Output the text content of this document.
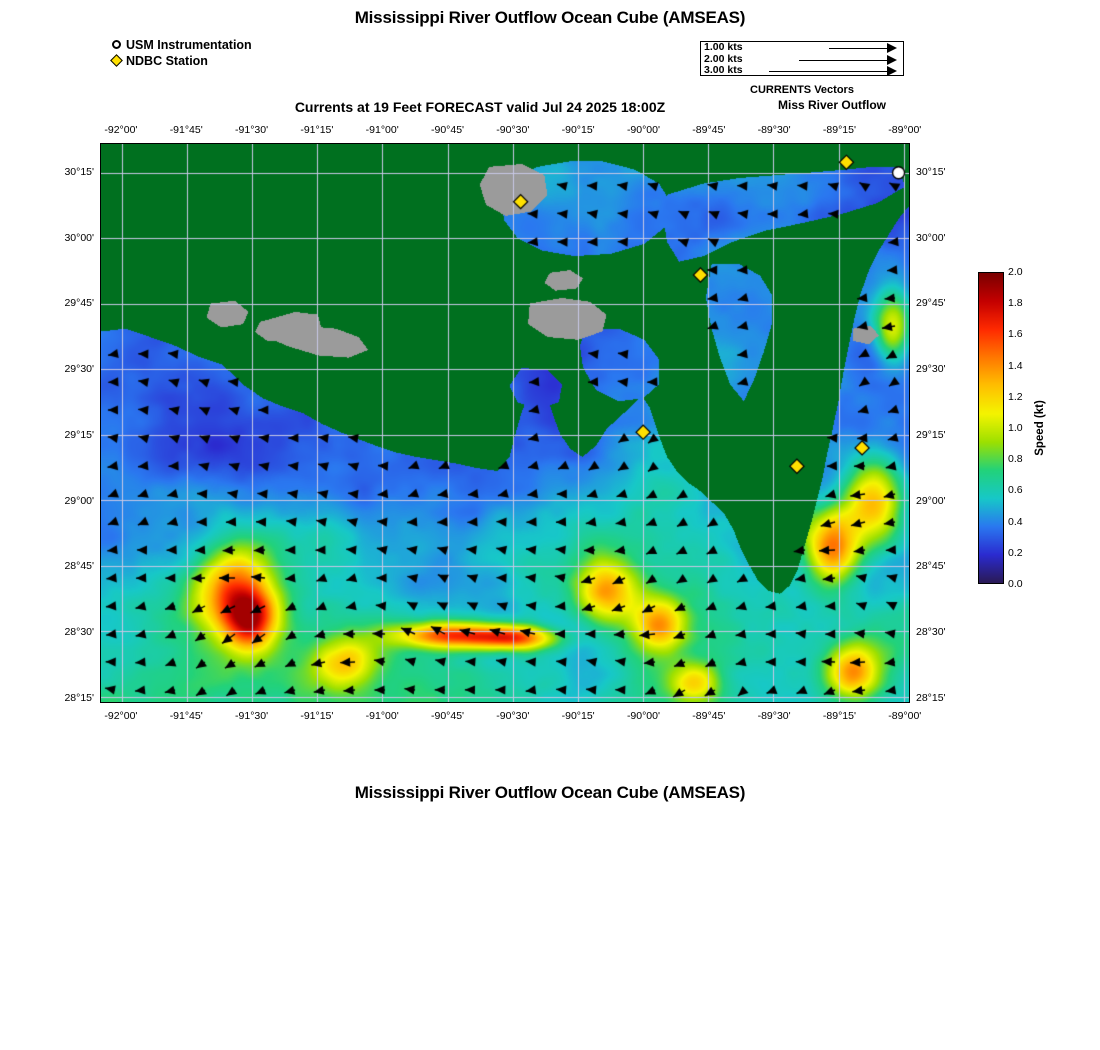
Mississippi River Outflow Ocean Cube (AMSEAS)
Currents at 19 Feet FORECAST valid Jul 24 2025 18:00Z	Miss River Outflow
Mississippi River Outflow Ocean Cube (AMSEAS)
USM Instrumentation
NDBC Station
1.00 kts
2.00 kts
3.00 kts
CURRENTS Vectors
-92°00'
-92°00'
-91°45'
-91°45'
-91°30'
-91°30'
-91°15'
-91°15'
-91°00'
-91°00'
-90°45'
-90°45'
-90°30'
-90°30'
-90°15'
-90°15'
-90°00'
-90°00'
-89°45'
-89°45'
-89°30'
-89°30'
-89°15'
-89°15'
-89°00'
-89°00'
30°15'	30°15'
30°00'	30°00'
29°45'	29°45'
29°30'	29°30'
29°15'	29°15'
29°00'	29°00'
28°45'	28°45'
28°30'	28°30'
28°15'	28°15'
2.0
1.8
1.6
1.4
1.2
1.0
0.8
0.6
0.4
0.2
0.0
Speed (kt)
